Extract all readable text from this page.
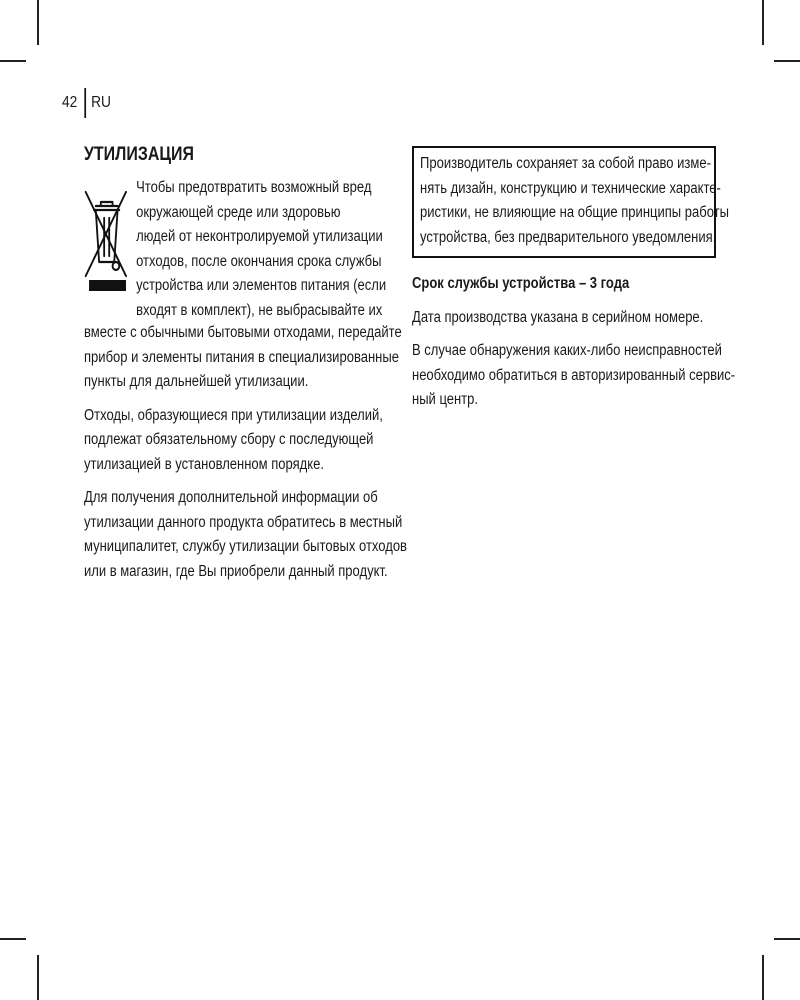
42 RU
УТИЛИЗАЦИЯ
Чтобы предотвратить возможный вред
окружающей среде или здоровью
людей от неконтролируемой утилизации
отходов, после окончания срока службы
устройства или элементов питания (если
входят в комплект), не выбрасывайте их
вместе с обычными бытовыми отходами, передайте
прибор и элементы питания в специализированные
пункты для дальнейшей утилизации.
Отходы, образующиеся при утилизации изделий,
подлежат обязательному сбору с последующей
утилизацией в установленном порядке.
Для получения дополнительной информации об
утилизации данного продукта обратитесь в местный
муниципалитет, службу утилизации бытовых отходов
или в магазин, где Вы приобрели данный продукт.
Производитель сохраняет за собой право изме-
нять дизайн, конструкцию и технические характе-
ристики, не влияющие на общие принципы работы
устройства, без предварительного уведомления.
Срок службы устройства – 3 года
Дата производства указана в серийном номере.
В случае обнаружения каких-либо неисправностей
необходимо обратиться в авторизированный сервис-
ный центр.
